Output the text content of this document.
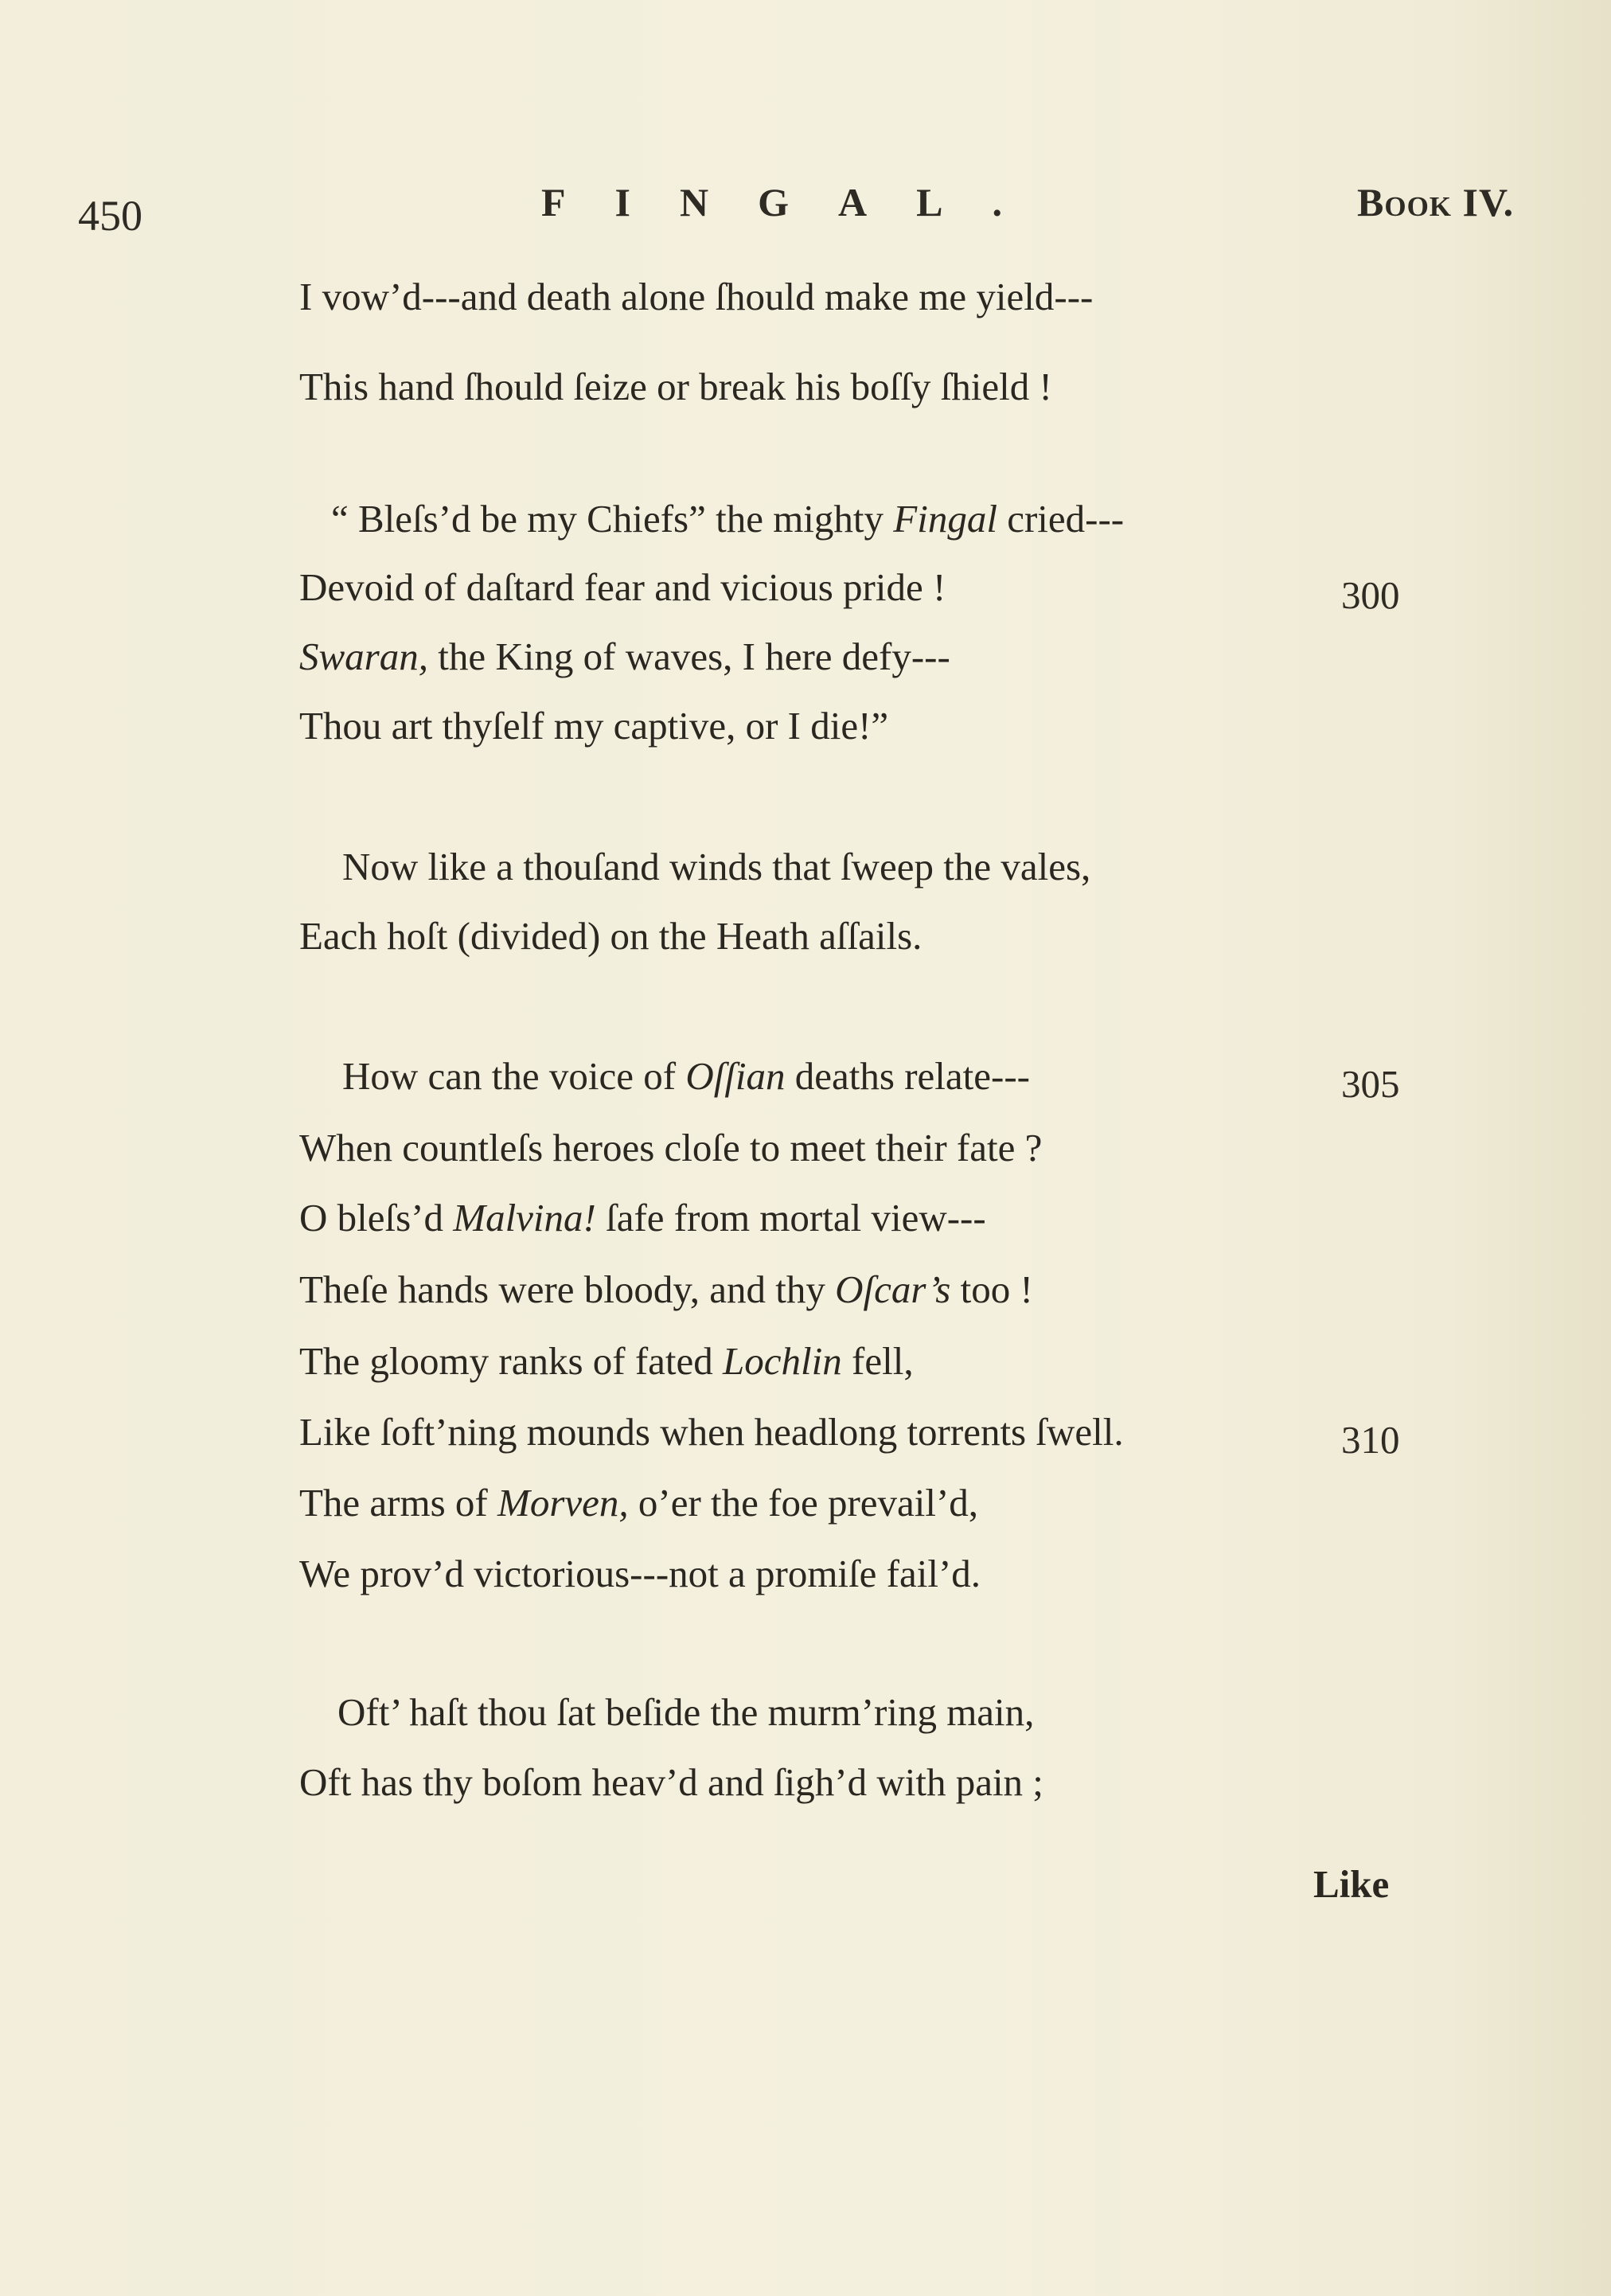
450	FINGAL.	Book IV.
I vow’d---and death alone ſhould make me yield---
This hand ſhould ſeize or break his boſſy ſhield !
“ Bleſs’d be my Chiefs” the mighty Fingal cried---
Devoid of daſtard fear and vicious pride !	300
Swaran, the King of waves, I here defy---
Thou art thyſelf my captive, or I die!”
Now like a thouſand winds that ſweep the vales,
Each hoſt (divided) on the Heath aſſails.
How can the voice of Oſſian deaths relate---	305
When countleſs heroes cloſe to meet their fate ?
O bleſs’d Malvina! ſafe from mortal view---
Theſe hands were bloody, and thy Oſcar’s too !
The gloomy ranks of fated Lochlin fell,
Like ſoft’ning mounds when headlong torrents ſwell.	310
The arms of Morven, o’er the foe prevail’d,
We prov’d victorious---not a promiſe fail’d.
Oft’ haſt thou ſat beſide the murm’ring main,
Oft has thy boſom heav’d and ſigh’d with pain ;
Like
